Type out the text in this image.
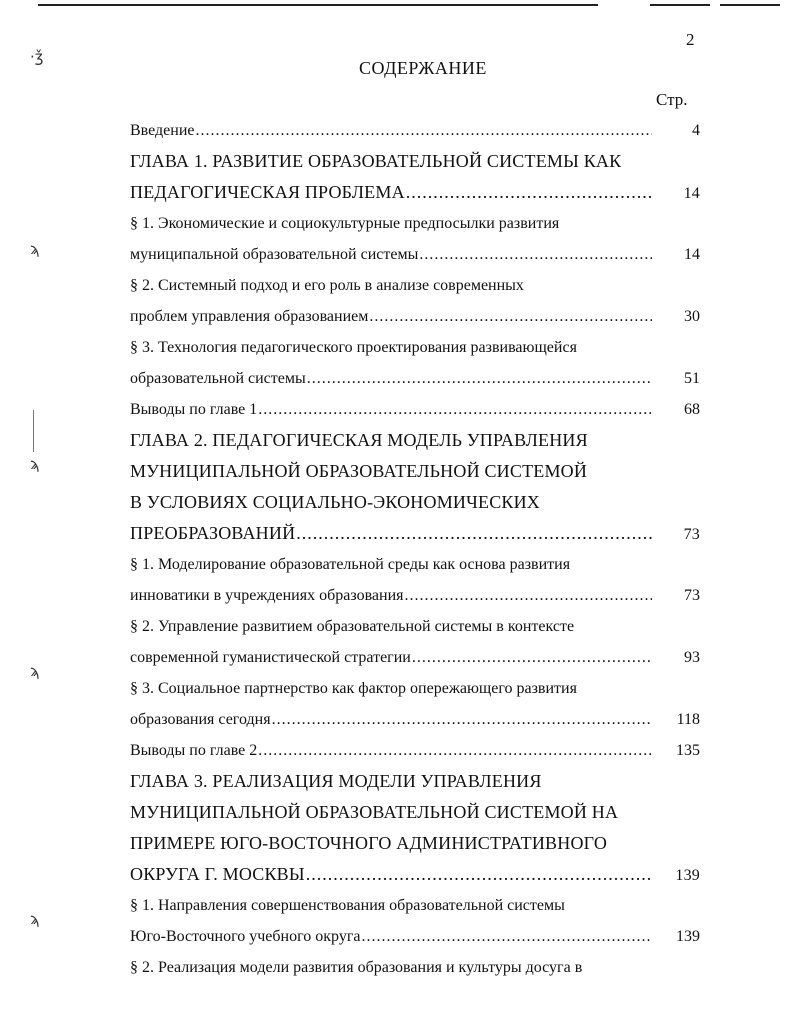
·ǯ
ϡ
ϡ
ϡ
ϡ
2
СОДЕРЖАНИЕ
Стр.
Введение .....	4
ГЛАВА 1. РАЗВИТИЕ ОБРАЗОВАТЕЛЬНОЙ СИСТЕМЫ КАК
ПЕДАГОГИЧЕСКАЯ ПРОБЛЕМА .....	14
§ 1. Экономические и социокультурные предпосылки развития
муниципальной образовательной системы .....	14
§ 2. Системный подход и его роль в анализе современных
проблем управления образованием .....	30
§ 3. Технология педагогического проектирования развивающейся
образовательной системы .....	51
Выводы по главе 1 .....	68
ГЛАВА 2. ПЕДАГОГИЧЕСКАЯ МОДЕЛЬ УПРАВЛЕНИЯ
МУНИЦИПАЛЬНОЙ ОБРАЗОВАТЕЛЬНОЙ СИСТЕМОЙ
В УСЛОВИЯХ СОЦИАЛЬНО-ЭКОНОМИЧЕСКИХ
ПРЕОБРАЗОВАНИЙ .....	73
§ 1. Моделирование образовательной среды как основа развития
инноватики в учреждениях образования .....	73
§ 2. Управление развитием образовательной системы в контексте
современной гуманистической стратегии .....	93
§ 3. Социальное партнерство как фактор опережающего развития
образования сегодня .....	118
Выводы по главе 2 .....	135
ГЛАВА 3. РЕАЛИЗАЦИЯ МОДЕЛИ УПРАВЛЕНИЯ
МУНИЦИПАЛЬНОЙ ОБРАЗОВАТЕЛЬНОЙ СИСТЕМОЙ НА
ПРИМЕРЕ ЮГО-ВОСТОЧНОГО АДМИНИСТРАТИВНОГО
ОКРУГА Г. МОСКВЫ .....	139
§ 1. Направления совершенствования образовательной системы
Юго-Восточного учебного округа .....	139
§ 2. Реализация модели развития образования и культуры досуга в
